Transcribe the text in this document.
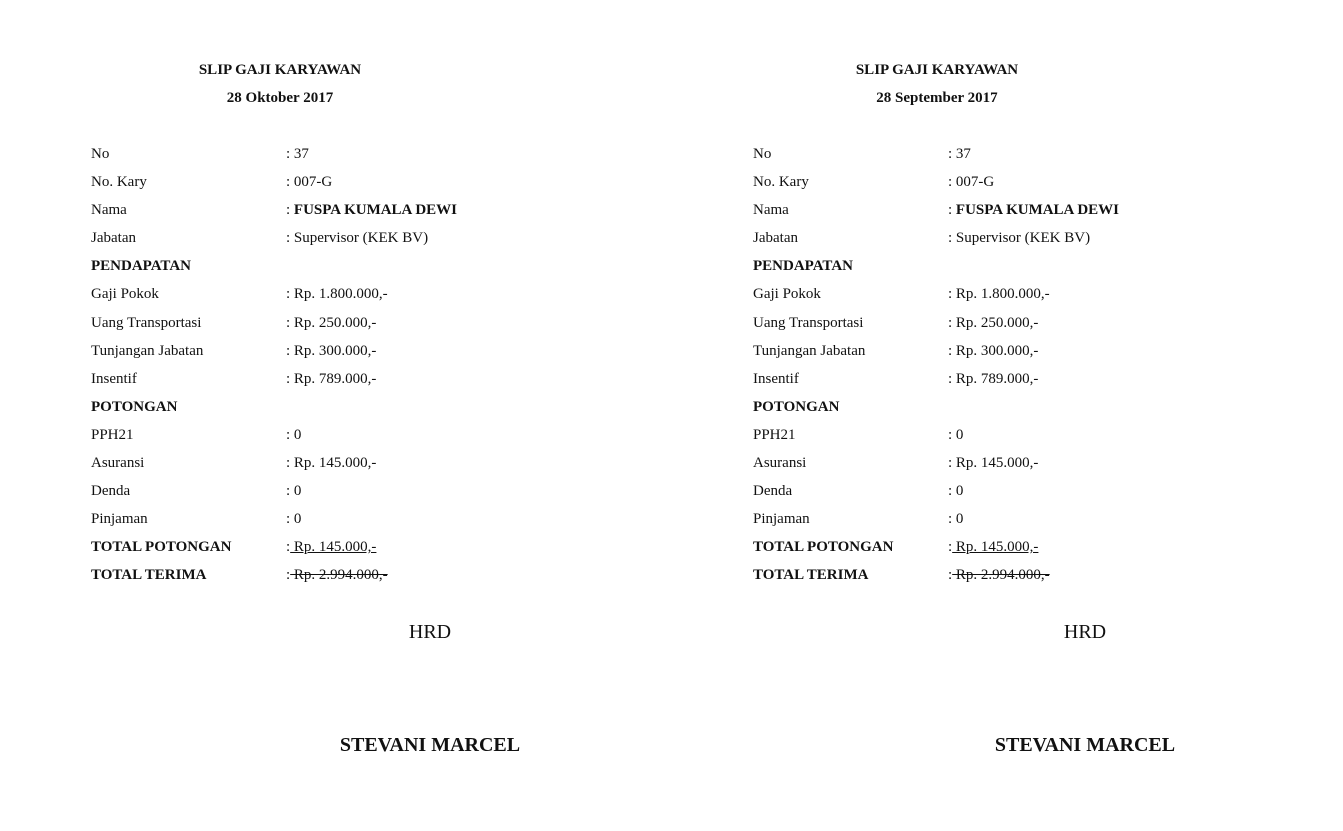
SLIP GAJI KARYAWAN
28 Oktober 2017
No	: 37
No. Kary	: 007-G
Nama	: FUSPA KUMALA DEWI
Jabatan	: Supervisor (KEK BV)
PENDAPATAN
Gaji Pokok	: Rp. 1.800.000,-
Uang Transportasi	: Rp. 250.000,-
Tunjangan Jabatan	: Rp. 300.000,-
Insentif	: Rp. 789.000,-
POTONGAN
PPH21	: 0
Asuransi	: Rp. 145.000,-
Denda	: 0
Pinjaman	: 0
TOTAL POTONGAN	: Rp. 145.000,-
TOTAL TERIMA	: Rp. 2.994.000,-
HRD
STEVANI MARCEL
SLIP GAJI KARYAWAN
28 September 2017
No	: 37
No. Kary	: 007-G
Nama	: FUSPA KUMALA DEWI
Jabatan	: Supervisor (KEK BV)
PENDAPATAN
Gaji Pokok	: Rp. 1.800.000,-
Uang Transportasi	: Rp. 250.000,-
Tunjangan Jabatan	: Rp. 300.000,-
Insentif	: Rp. 789.000,-
POTONGAN
PPH21	: 0
Asuransi	: Rp. 145.000,-
Denda	: 0
Pinjaman	: 0
TOTAL POTONGAN	: Rp. 145.000,-
TOTAL TERIMA	: Rp. 2.994.000,-
HRD
STEVANI MARCEL
